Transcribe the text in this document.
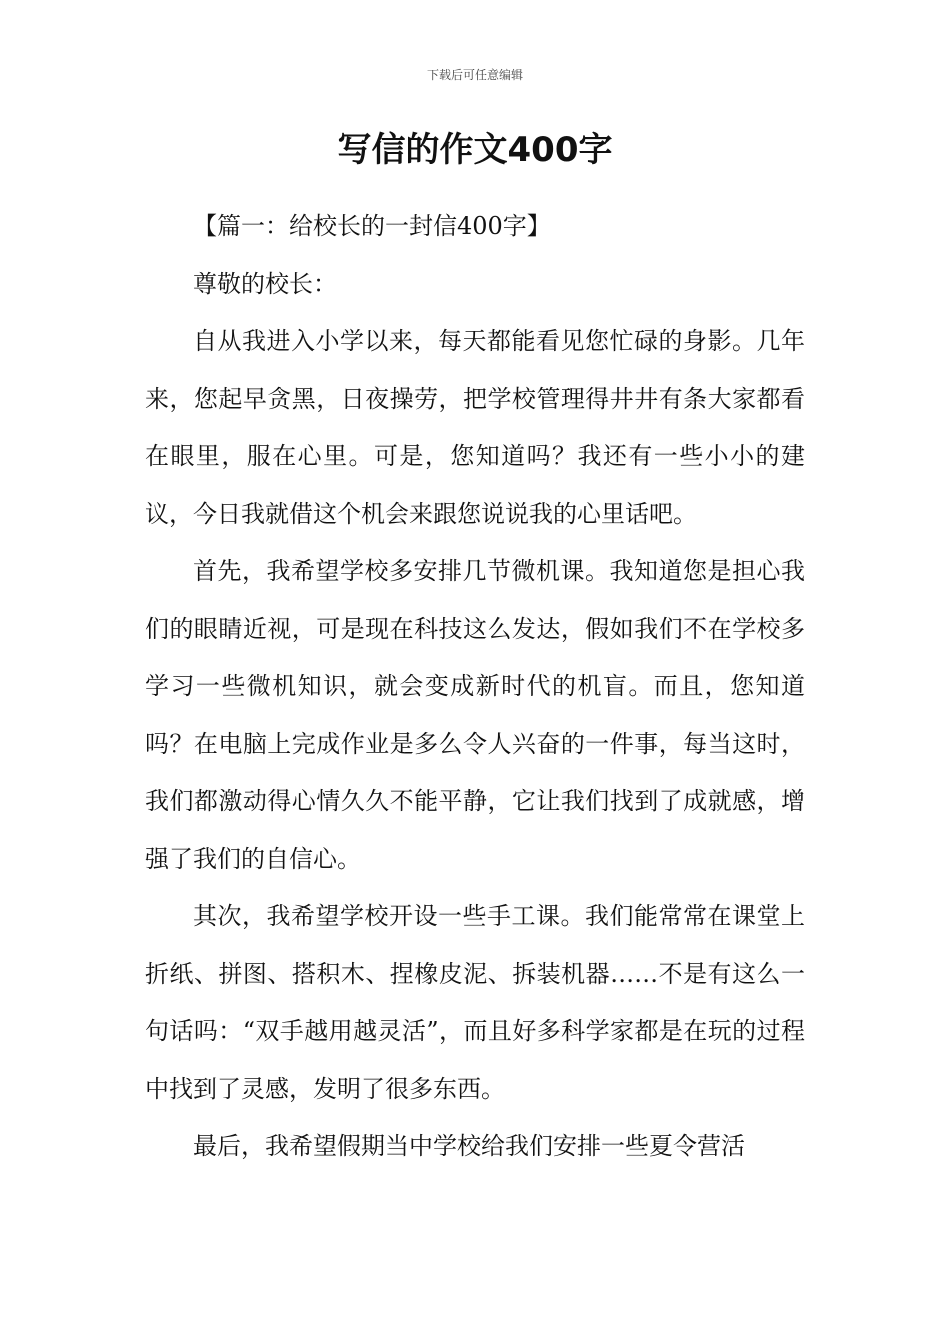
下载后可任意编辑
写信的作文400字

【篇一：给校长的一封信400字】

尊敬的校长：

自从我进入小学以来，每天都能看见您忙碌的身影。几年来，您起早贪黑，日夜操劳，把学校管理得井井有条大家都看在眼里，服在心里。可是，您知道吗？我还有一些小小的建议，今日我就借这个机会来跟您说说我的心里话吧。

首先，我希望学校多安排几节微机课。我知道您是担心我们的眼睛近视，可是现在科技这么发达，假如我们不在学校多学习一些微机知识，就会变成新时代的机盲。而且，您知道吗？在电脑上完成作业是多么令人兴奋的一件事，每当这时，我们都激动得心情久久不能平静，它让我们找到了成就感，增强了我们的自信心。

其次，我希望学校开设一些手工课。我们能常常在课堂上折纸、拼图、搭积木、捏橡皮泥、拆装机器……不是有这么一句话吗：“双手越用越灵活”，而且好多科学家都是在玩的过程中找到了灵感，发明了很多东西。

最后，我希望假期当中学校给我们安排一些夏令营活
